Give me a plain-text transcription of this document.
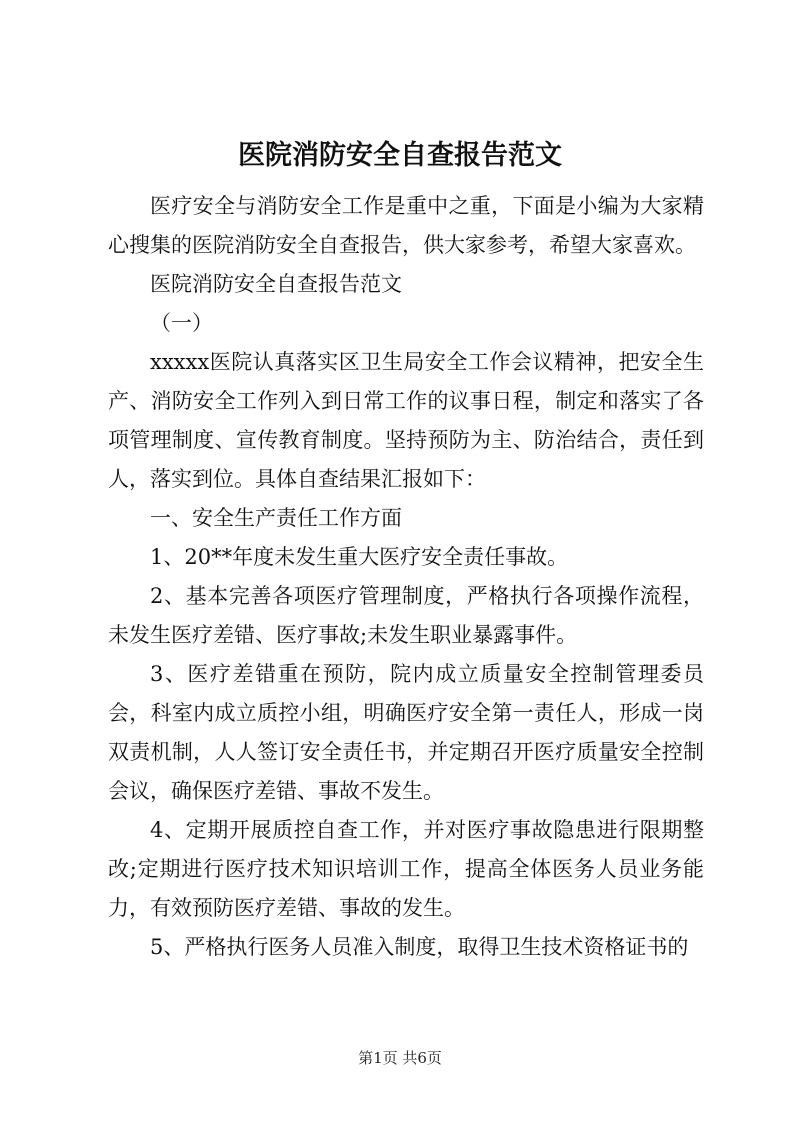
医院消防安全自查报告范文

医疗安全与消防安全工作是重中之重，下面是小编为大家精心搜集的医院消防安全自查报告，供大家参考，希望大家喜欢。

医院消防安全自查报告范文

（一）

xxxxx医院认真落实区卫生局安全工作会议精神，把安全生产、消防安全工作列入到日常工作的议事日程，制定和落实了各项管理制度、宣传教育制度。坚持预防为主、防治结合，责任到人，落实到位。具体自查结果汇报如下：

一、安全生产责任工作方面

1、20**年度未发生重大医疗安全责任事故。

2、基本完善各项医疗管理制度，严格执行各项操作流程，未发生医疗差错、医疗事故;未发生职业暴露事件。

3、医疗差错重在预防，院内成立质量安全控制管理委员会，科室内成立质控小组，明确医疗安全第一责任人，形成一岗双责机制，人人签订安全责任书，并定期召开医疗质量安全控制会议，确保医疗差错、事故不发生。

4、定期开展质控自查工作，并对医疗事故隐患进行限期整改;定期进行医疗技术知识培训工作，提高全体医务人员业务能力，有效预防医疗差错、事故的发生。

5、严格执行医务人员准入制度，取得卫生技术资格证书的

第1页 共6页
